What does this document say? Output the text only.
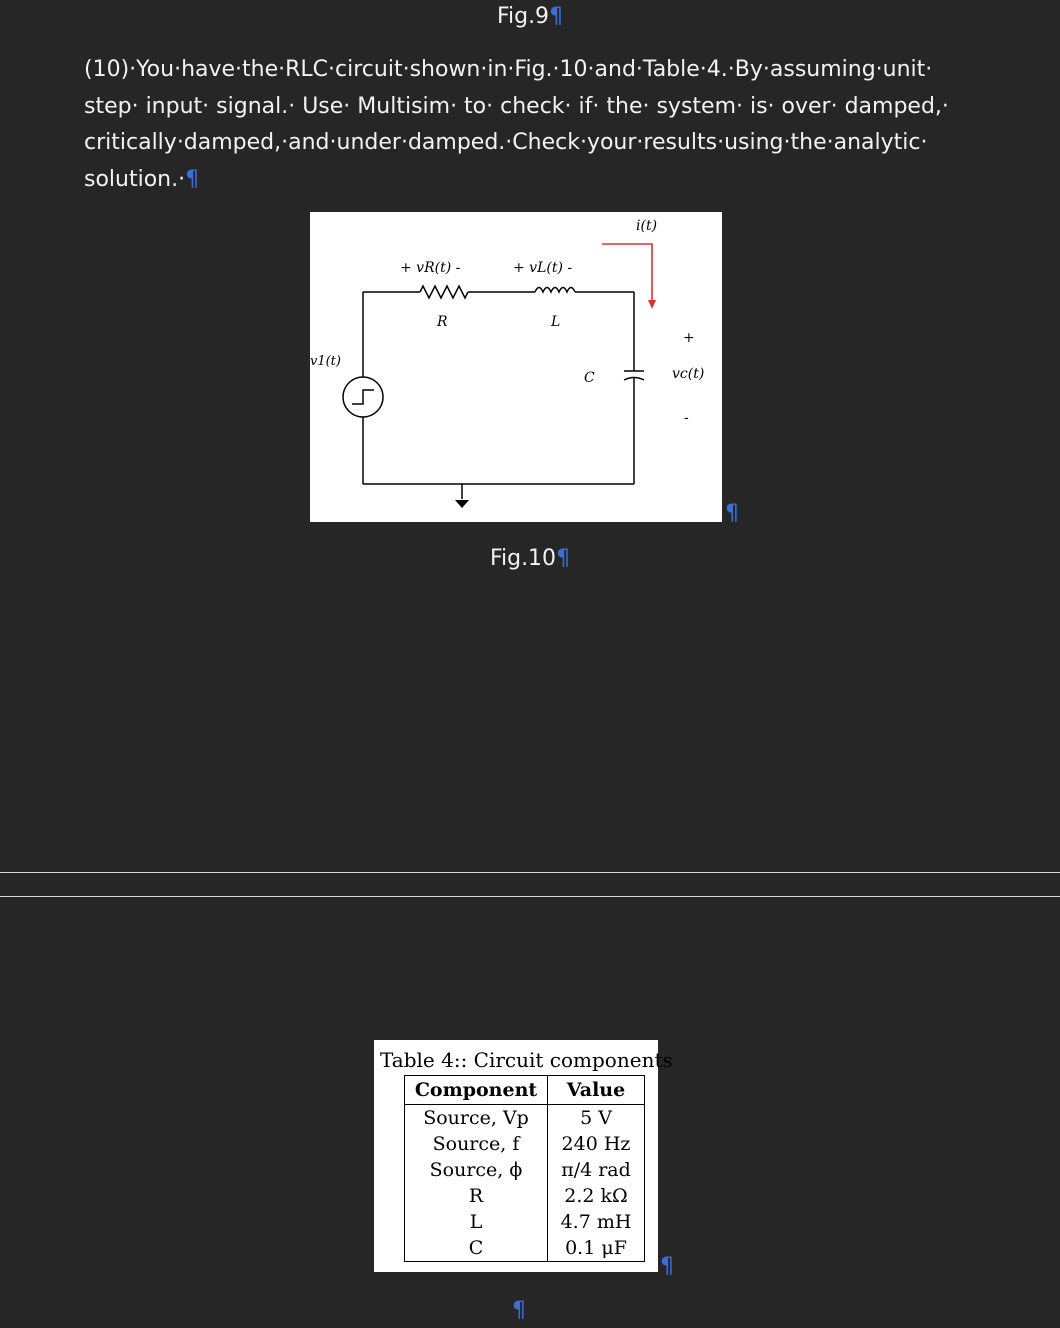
Fig.9¶
(10)·You·have·the·RLC·circuit·shown·in·Fig.·10·and·Table·4.·By·assuming·unit·
step· input· signal.· Use· Multisim· to· check· if· the· system· is· over· damped,·
critically·damped,·and·under·damped.·Check·your·results·using·the·analytic·
solution.·¶
i(t)
+ vR(t) -	+ vL(t) -
R	L
C
+
vc(t)
-
v1(t)
¶
Fig.10¶
Table 4:: Circuit components
Component	Value
Source, Vp	5 V
Source, f	240 Hz
Source, ϕ	π/4 rad
R	2.2 kΩ
L	4.7 mH
C	0.1 μF
¶
¶
